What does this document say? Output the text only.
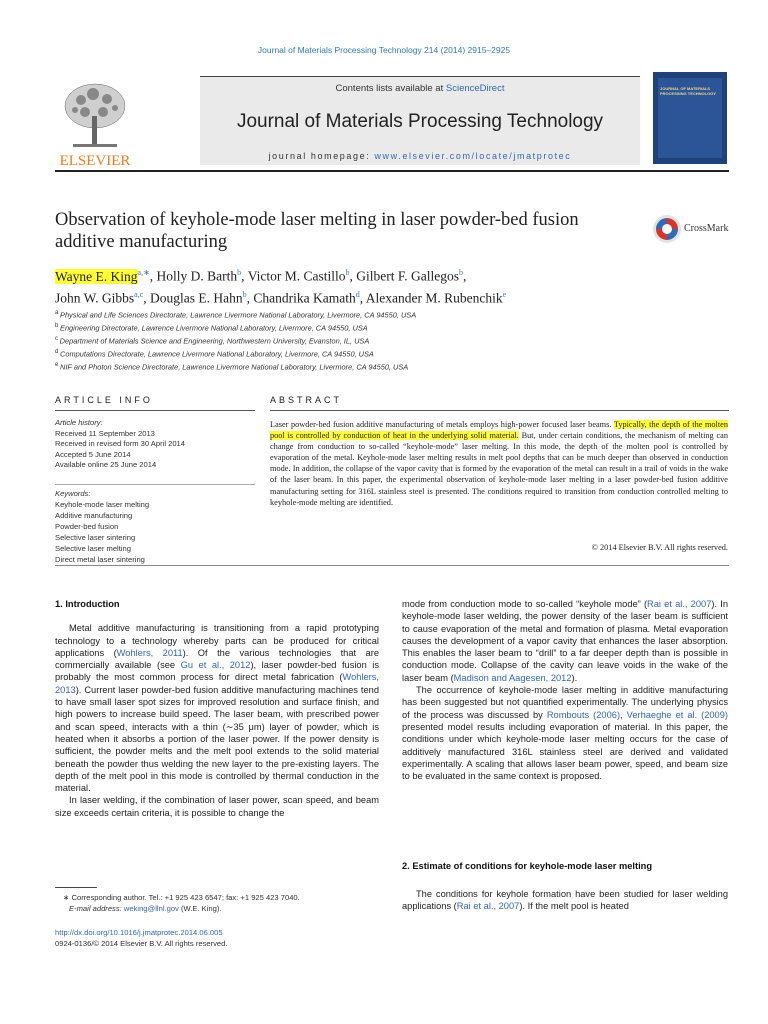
Journal of Materials Processing Technology 214 (2014) 2915–2925
ELSEVIER
Contents lists available at ScienceDirect
Journal of Materials Processing Technology
journal homepage: www.elsevier.com/locate/jmatprotec
JOURNAL OF MATERIALS PROCESSING TECHNOLOGY
Observation of keyhole-mode laser melting in laser powder-bed fusion additive manufacturing
CrossMark
Wayne E. King$^{a,∗}$, Holly D. Barth$^b$, Victor M. Castillo$^b$, Gilbert F. Gallegos$^b$,
John W. Gibbs$^{a,c}$, Douglas E. Hahn$^b$, Chandrika Kamath$^d$, Alexander M. Rubenchik$^e$
$^a$ Physical and Life Sciences Directorate, Lawrence Livermore National Laboratory, Livermore, CA 94550, USA
$^b$ Engineering Directorate, Lawrence Livermore National Laboratory, Livermore, CA 94550, USA
$^c$ Department of Materials Science and Engineering, Northwestern University, Evanston, IL, USA
$^d$ Computations Directorate, Lawrence Livermore National Laboratory, Livermore, CA 94550, USA
$^e$ NIF and Photon Science Directorate, Lawrence Livermore National Laboratory, Livermore, CA 94550, USA
ARTICLE INFO	ABSTRACT
Article history:
Received 11 September 2013
Received in revised form 30 April 2014
Accepted 5 June 2014
Available online 25 June 2014
Keywords:
Keyhole-mode laser melting
Additive manufacturing
Powder-bed fusion
Selective laser sintering
Selective laser melting
Direct metal laser sintering
Laser powder-bed fusion additive manufacturing of metals employs high-power focused laser beams. Typically, the depth of the molten pool is controlled by conduction of heat in the underlying solid material. But, under certain conditions, the mechanism of melting can change from conduction to so-called “keyhole-mode” laser melting. In this mode, the depth of the molten pool is controlled by evaporation of the metal. Keyhole-mode laser melting results in melt pool depths that can be much deeper than observed in conduction mode. In addition, the collapse of the vapor cavity that is formed by the evaporation of the metal can result in a trail of voids in the wake of the laser beam. In this paper, the experimental observation of keyhole-mode laser melting in a laser powder-bed fusion additive manufacturing setting for 316L stainless steel is presented. The conditions required to transition from conduction controlled melting to keyhole-mode melting are identified.
© 2014 Elsevier B.V. All rights reserved.
1. Introduction

Metal additive manufacturing is transitioning from a rapid prototyping technology to a technology whereby parts can be produced for critical applications (Wohlers, 2011). Of the various technologies that are commercially available (see Gu et al., 2012), laser powder-bed fusion is probably the most common process for direct metal fabrication (Wohlers, 2013). Current laser powder-bed fusion additive manufacturing machines tend to have small laser spot sizes for improved resolution and surface finish, and high powers to increase build speed. The laser beam, with prescribed power and scan speed, interacts with a thin (∼35 μm) layer of powder, which is heated when it absorbs a portion of the laser power. If the power density is sufficient, the powder melts and the melt pool extends to the solid material beneath the powder thus welding the new layer to the pre-existing layers. The depth of the melt pool in this mode is controlled by thermal conduction in the material.

In laser welding, if the combination of laser power, scan speed, and beam size exceeds certain criteria, it is possible to change the

mode from conduction mode to so-called “keyhole mode” (Rai et al., 2007). In keyhole-mode laser welding, the power density of the laser beam is sufficient to cause evaporation of the metal and formation of plasma. Metal evaporation causes the development of a vapor cavity that enhances the laser absorption. This enables the laser beam to “drill” to a far deeper depth than is possible in conduction mode. Collapse of the cavity can leave voids in the wake of the laser beam (Madison and Aagesen, 2012).

The occurrence of keyhole-mode laser melting in additive manufacturing has been suggested but not quantified experimentally. The underlying physics of the process was discussed by Rombouts (2006), Verhaeghe et al. (2009) presented model results including evaporation of material. In this paper, the conditions under which keyhole-mode laser melting occurs for the case of additively manufactured 316L stainless steel are derived and validated experimentally. A scaling that allows laser beam power, speed, and beam size to be evaluated in the same context is proposed.

2. Estimate of conditions for keyhole-mode laser melting

The conditions for keyhole formation have been studied for laser welding applications (Rai et al., 2007). If the melt pool is heated

∗ Corresponding author. Tel.: +1 925 423 6547; fax: +1 925 423 7040.
E-mail address: weking@llnl.gov (W.E. King).
http://dx.doi.org/10.1016/j.jmatprotec.2014.06.005
0924-0136/© 2014 Elsevier B.V. All rights reserved.
